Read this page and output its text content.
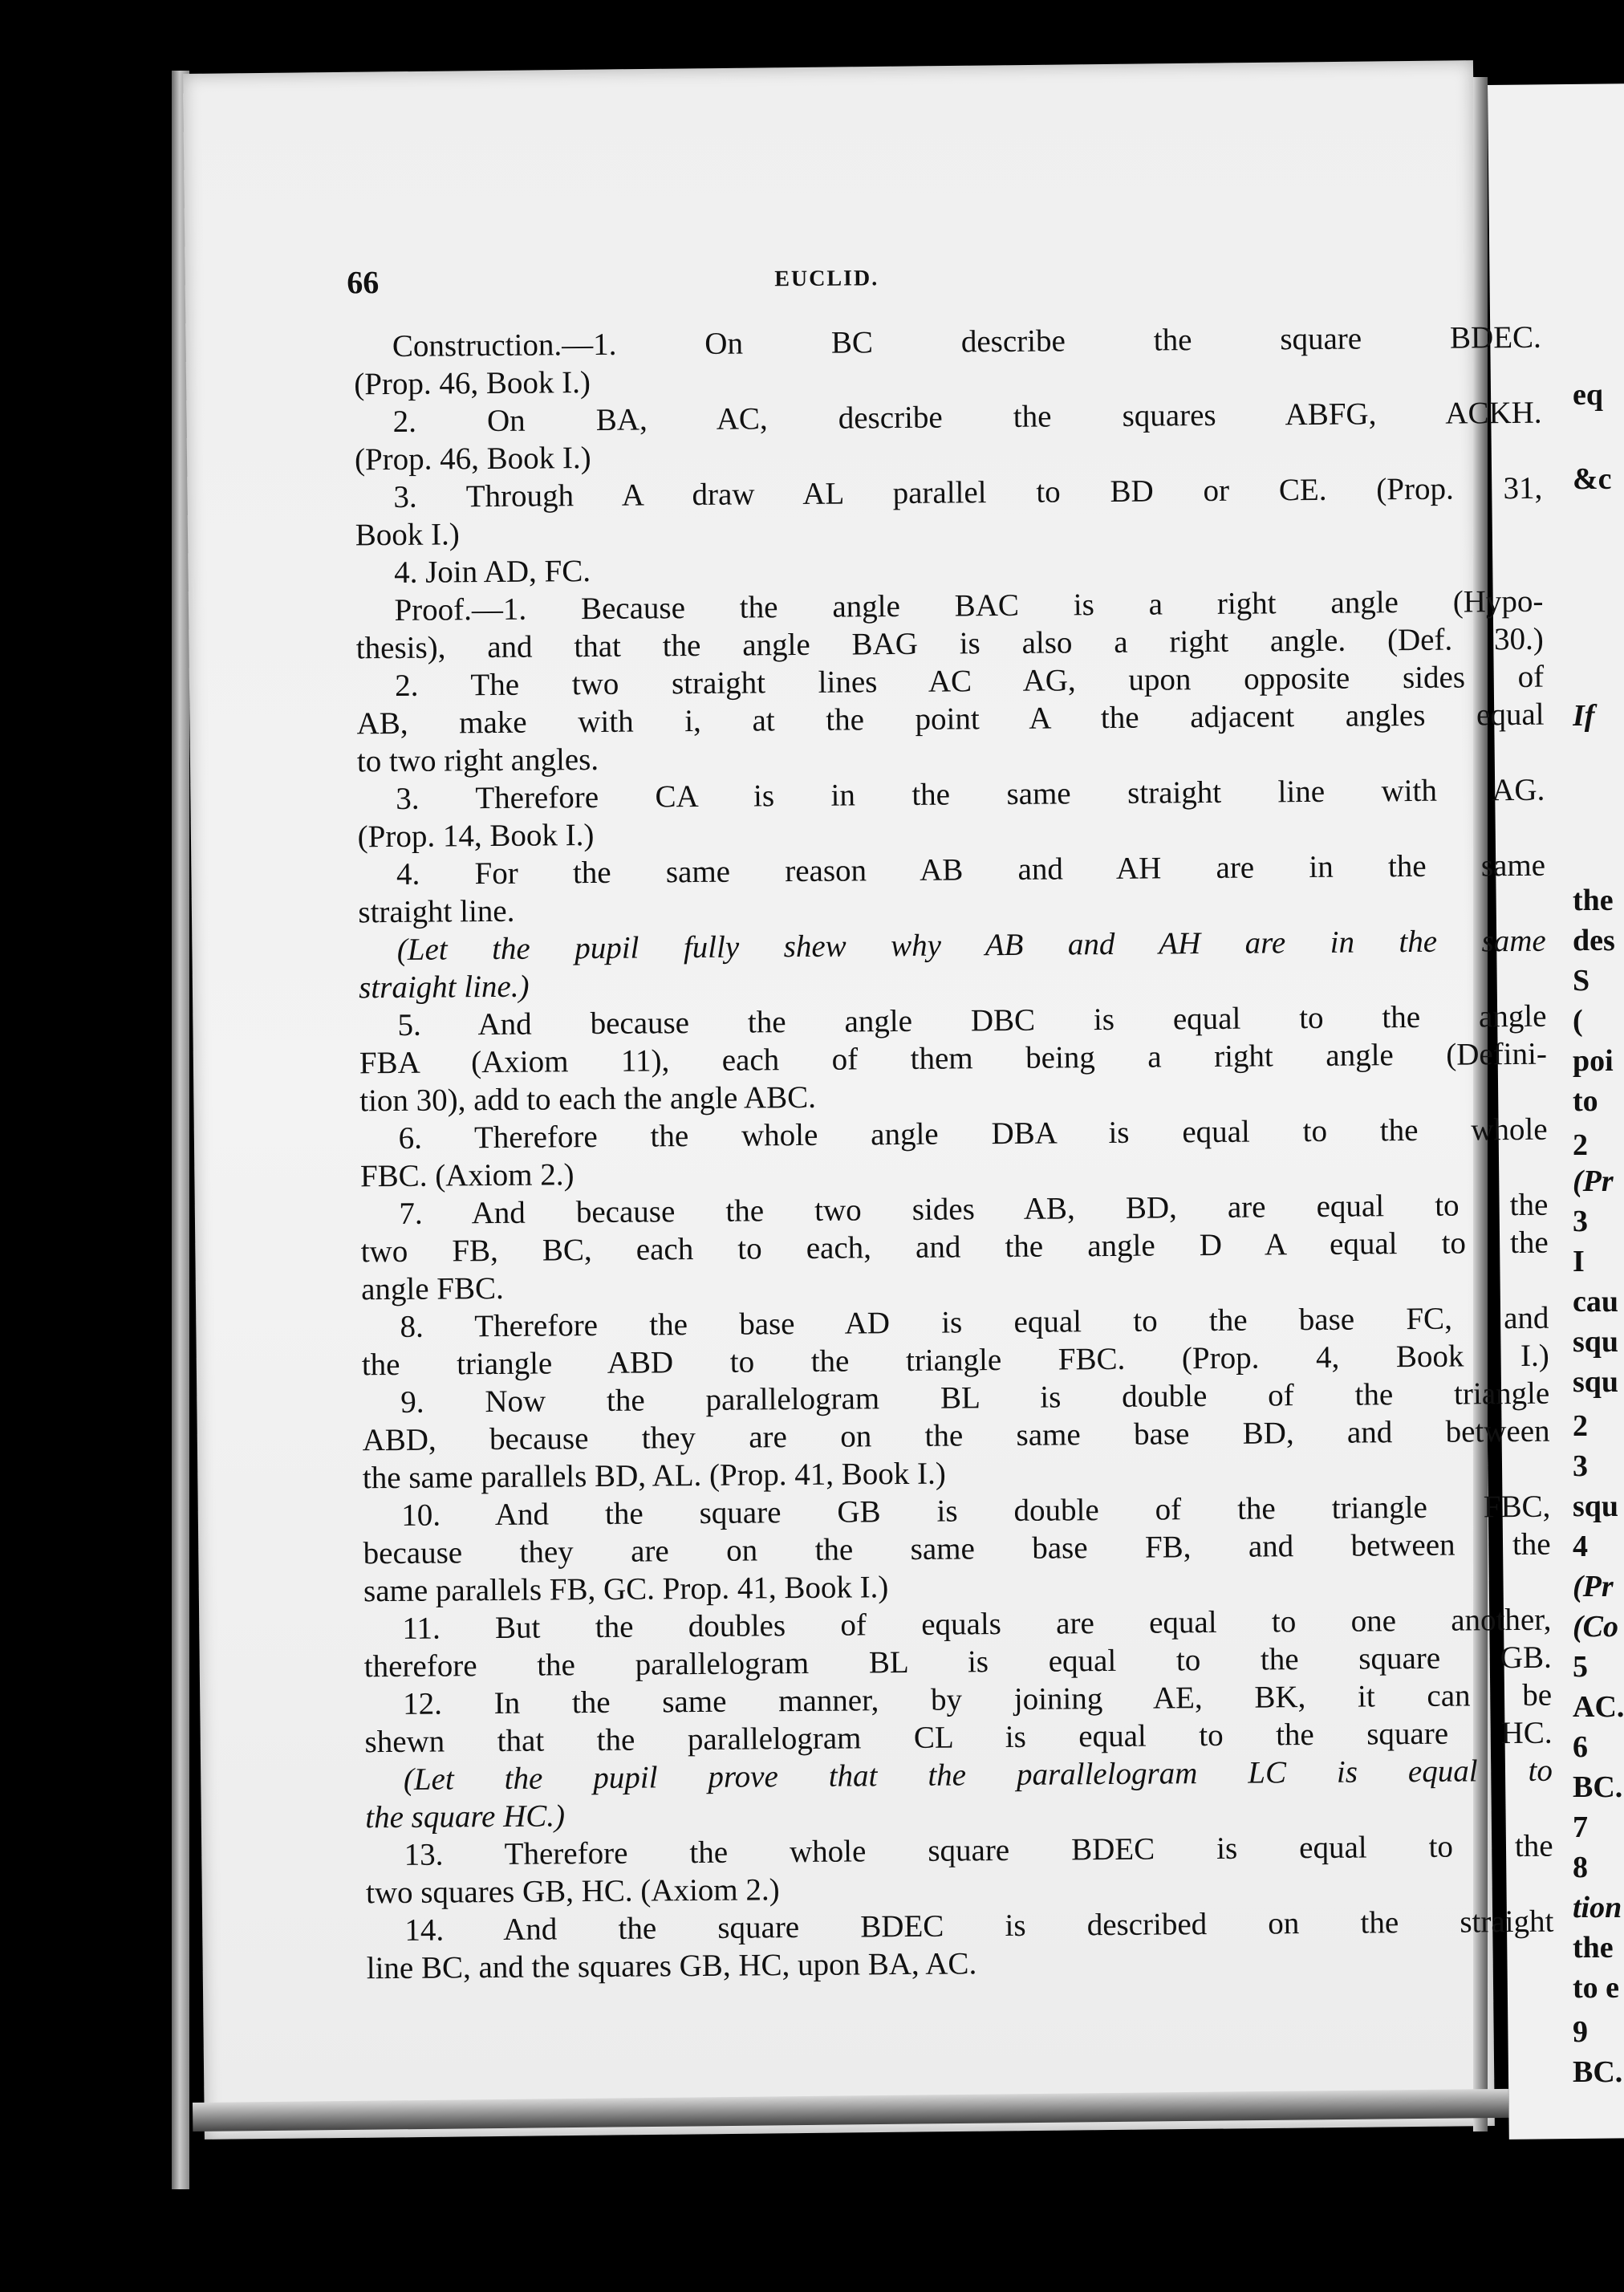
66	EUCLID.
Construction.—1. On BC describe the square BDEC.
(Prop. 46, Book I.)
2. On BA, AC, describe the squares ABFG, ACKH.
(Prop. 46, Book I.)
3. Through A draw AL parallel to BD or CE. (Prop. 31,
Book I.)
4. Join AD, FC.
Proof.—1. Because the angle BAC is a right angle (Hypo-
thesis), and that the angle BAG is also a right angle. (Def. 30.)
2. The two straight lines AC AG, upon opposite sides of
AB, make with i, at the point A the adjacent angles equal
to two right angles.
3. Therefore CA is in the same straight line with AG.
(Prop. 14, Book I.)
4. For the same reason AB and AH are in the same
straight line.
(Let the pupil fully shew why AB and AH are in the same
straight line.)
5. And because the angle DBC is equal to the angle
FBA (Axiom 11), each of them being a right angle (Defini-
tion 30), add to each the angle ABC.
6. Therefore the whole angle DBA is equal to the whole
FBC. (Axiom 2.)
7. And because the two sides AB, BD, are equal to the
two FB, BC, each to each, and the angle D A equal to the
angle FBC.
8. Therefore the base AD is equal to the base FC, and
the triangle ABD to the triangle FBC. (Prop. 4, Book I.)
9. Now the parallelogram BL is double of the triangle
ABD, because they are on the same base BD, and between
the same parallels BD, AL. (Prop. 41, Book I.)
10. And the square GB is double of the triangle FBC,
because they are on the same base FB, and between the
same parallels FB, GC. Prop. 41, Book I.)
11. But the doubles of equals are equal to one another,
therefore the parallelogram BL is equal to the square GB.
12. In the same manner, by joining AE, BK, it can be
shewn that the parallelogram CL is equal to the square HC.
(Let the pupil prove that the parallelogram LC is equal to
the square HC.)
13. Therefore the whole square BDEC is equal to the
two squares GB, HC. (Axiom 2.)
14. And the square BDEC is described on the straight
line BC, and the squares GB, HC, upon BA, AC.
eq
&c
If
the
des
S
(
poi
to
2
(Pr
3
I
cau
squ
squ
2
3
squ
4
(Pr
(Co
5
AC.
6
BC.
7
8
tion
the
to e
9
BC.
